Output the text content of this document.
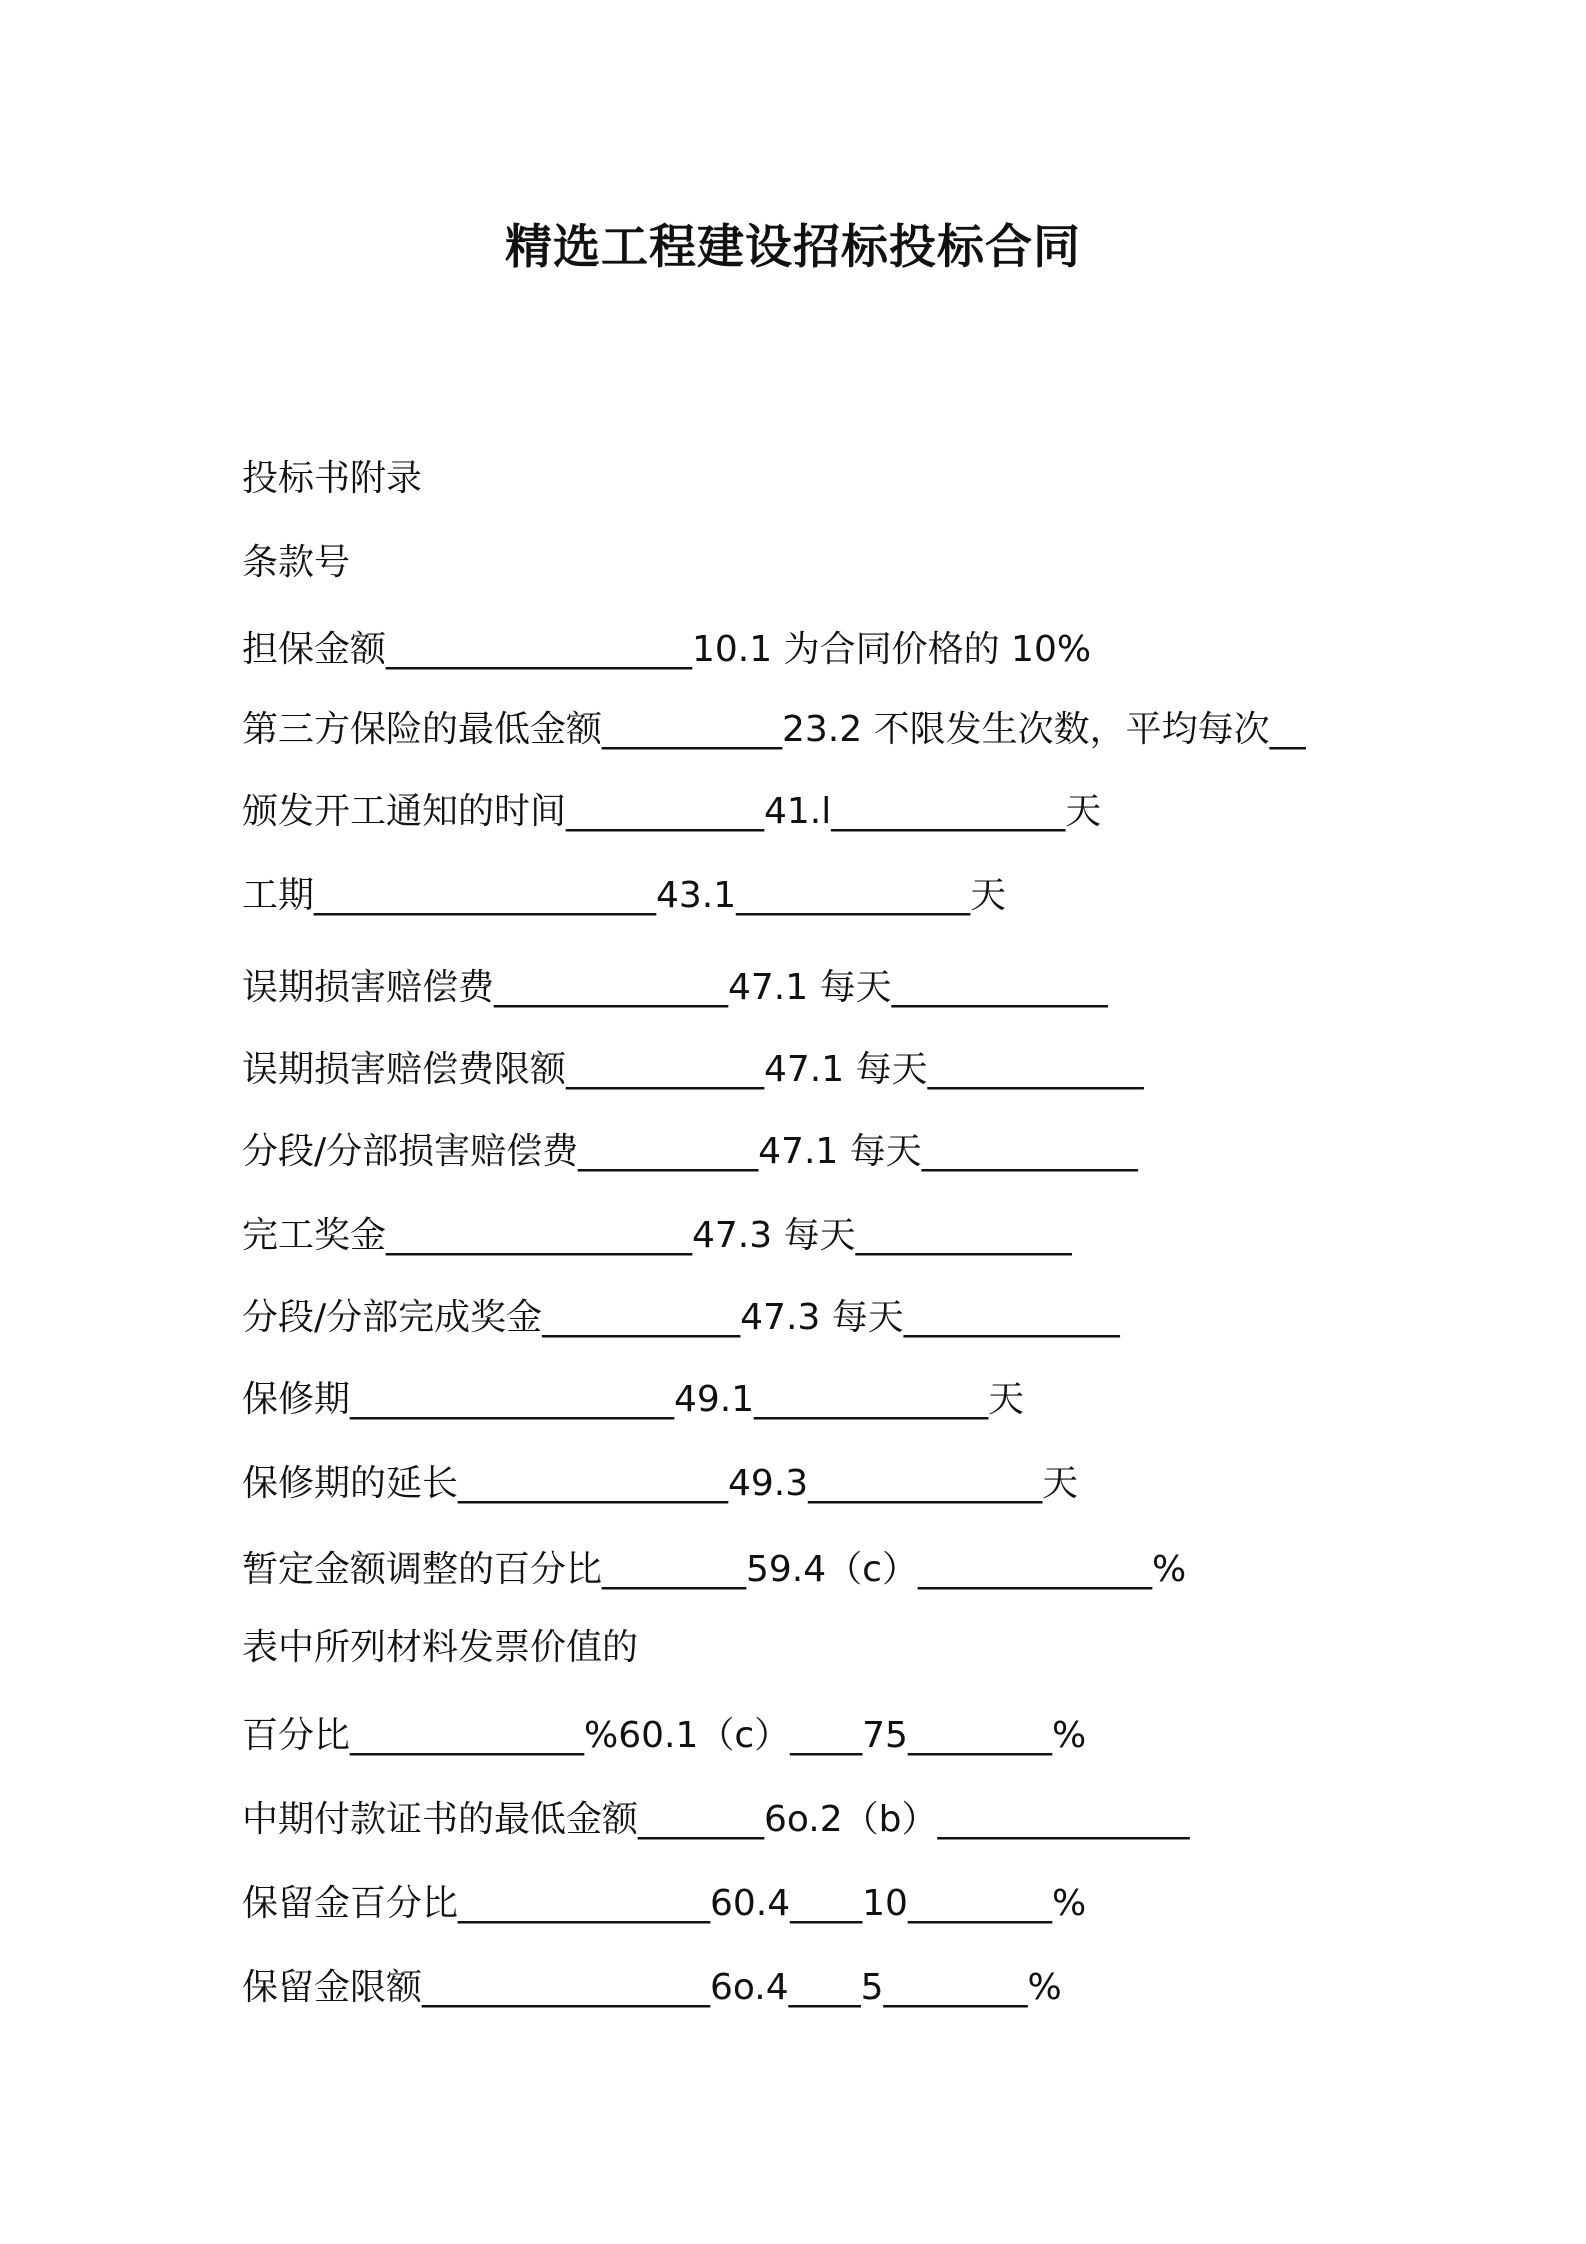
精选工程建设招标投标合同
投标书附录
条款号
担保金额_________________10.1 为合同价格的 10%
第三方保险的最低金额__________23.2 不限发生次数，平均每次__
颁发开工通知的时间___________41.l_____________天
工期___________________43.1_____________天
误期损害赔偿费_____________47.1 每天____________
误期损害赔偿费限额___________47.1 每天____________
分段/分部损害赔偿费__________47.1 每天____________
完工奖金_________________47.3 每天____________
分段/分部完成奖金___________47.3 每天____________
保修期__________________49.1_____________天
保修期的延长_______________49.3_____________天
暂定金额调整的百分比________59.4（c）_____________%
表中所列材料发票价值的
百分比_____________%60.1（c）____75________%
中期付款证书的最低金额_______6o.2（b）______________
保留金百分比______________60.4____10________%
保留金限额________________6o.4____5________%
